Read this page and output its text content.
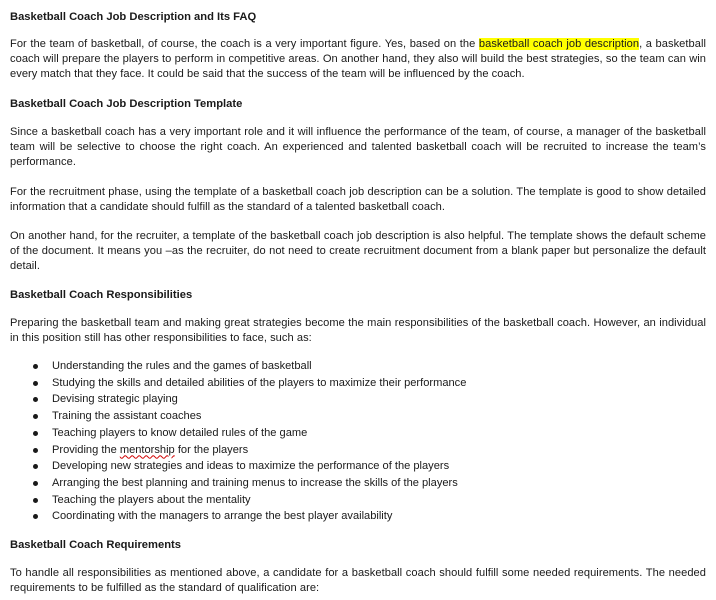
Basketball Coach Job Description and Its FAQ

For the team of basketball, of course, the coach is a very important figure. Yes, based on the basketball coach job description, a basketball coach will prepare the players to perform in competitive areas. On another hand, they also will build the best strategies, so the team can win every match that they face. It could be said that the success of the team will be influenced by the coach.

Basketball Coach Job Description Template

Since a basketball coach has a very important role and it will influence the performance of the team, of course, a manager of the basketball team will be selective to choose the right coach. An experienced and talented basketball coach will be recruited to increase the team’s performance.

For the recruitment phase, using the template of a basketball coach job description can be a solution. The template is good to show detailed information that a candidate should fulfill as the standard of a talented basketball coach.

On another hand, for the recruiter, a template of the basketball coach job description is also helpful. The template shows the default scheme of the document. It means you –as the recruiter, do not need to create recruitment document from a blank paper but personalize the default detail.

Basketball Coach Responsibilities

Preparing the basketball team and making great strategies become the main responsibilities of the basketball coach. However, an individual in this position still has other responsibilities to face, such as:

Understanding the rules and the games of basketball
Studying the skills and detailed abilities of the players to maximize their performance
Devising strategic playing
Training the assistant coaches
Teaching players to know detailed rules of the game
Providing the mentorship for the players
Developing new strategies and ideas to maximize the performance of the players
Arranging the best planning and training menus to increase the skills of the players
Teaching the players about the mentality
Coordinating with the managers to arrange the best player availability
Basketball Coach Requirements

To handle all responsibilities as mentioned above, a candidate for a basketball coach should fulfill some needed requirements. The needed requirements to be fulfilled as the standard of qualification are:
